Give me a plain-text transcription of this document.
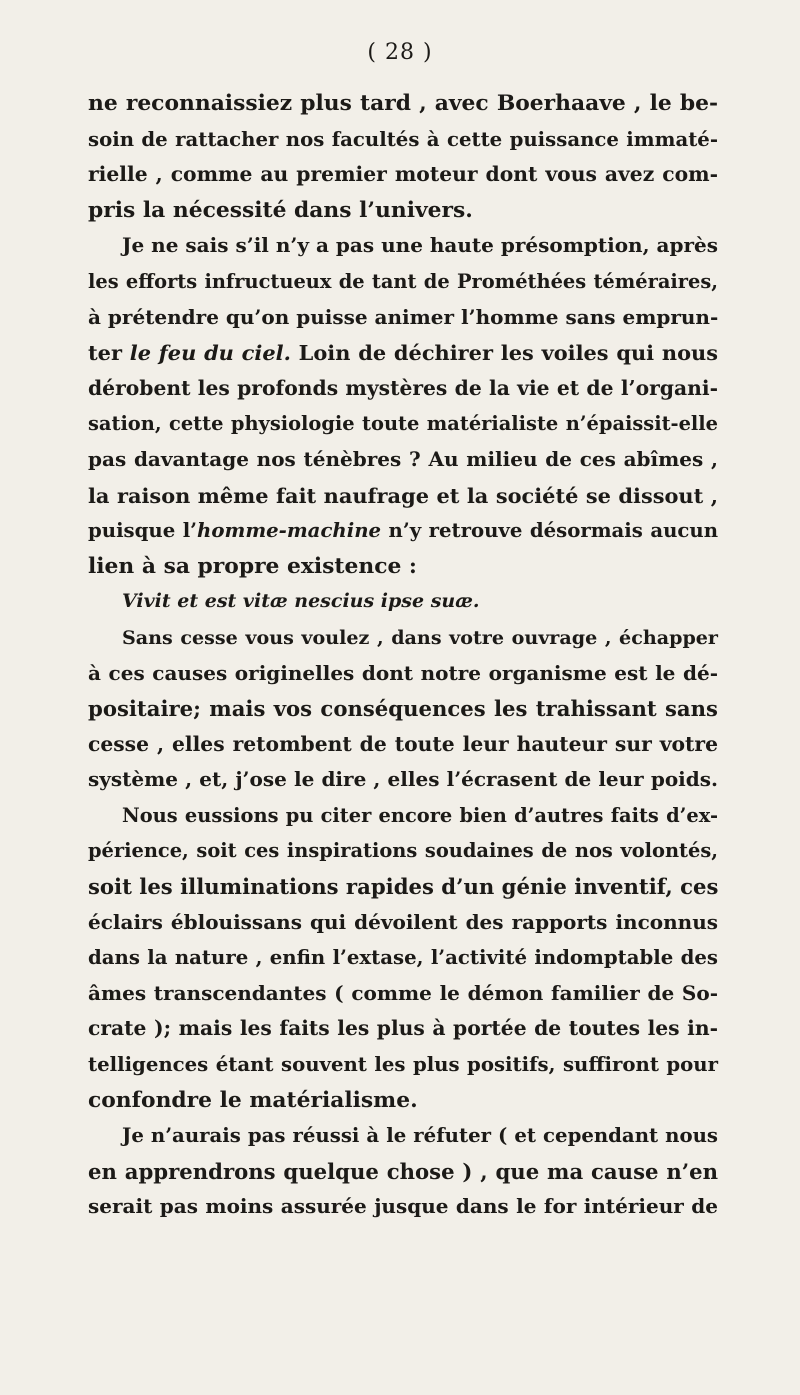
( 28 )
ne reconnaissiez plus tard , avec Boerhaave , le be-
soin de rattacher nos facultés à cette puissance immaté-
rielle , comme au premier moteur dont vous avez com-
pris la nécessité dans l’univers.
Je ne sais s’il n’y a pas une haute présomption, après
les efforts infructueux de tant de Prométhées téméraires,
à prétendre qu’on puisse animer l’homme sans emprun-
ter le feu du ciel. Loin de déchirer les voiles qui nous
dérobent les profonds mystères de la vie et de l’organi-
sation, cette physiologie toute matérialiste n’épaissit-elle
pas davantage nos ténèbres ? Au milieu de ces abîmes ,
la raison même fait naufrage et la société se dissout ,
puisque l’homme-machine n’y retrouve désormais aucun
lien à sa propre existence :
Vivit et est vitæ nescius ipse suæ.
Sans cesse vous voulez , dans votre ouvrage , échapper
à ces causes originelles dont notre organisme est le dé-
positaire; mais vos conséquences les trahissant sans
cesse , elles retombent de toute leur hauteur sur votre
système , et, j’ose le dire , elles l’écrasent de leur poids.
Nous eussions pu citer encore bien d’autres faits d’ex-
périence, soit ces inspirations soudaines de nos volontés,
soit les illuminations rapides d’un génie inventif, ces
éclairs éblouissans qui dévoilent des rapports inconnus
dans la nature , enfin l’extase, l’activité indomptable des
âmes transcendantes ( comme le démon familier de So-
crate ); mais les faits les plus à portée de toutes les in-
telligences étant souvent les plus positifs, suffiront pour
confondre le matérialisme.
Je n’aurais pas réussi à le réfuter ( et cependant nous
en apprendrons quelque chose ) , que ma cause n’en
serait pas moins assurée jusque dans le for intérieur de
